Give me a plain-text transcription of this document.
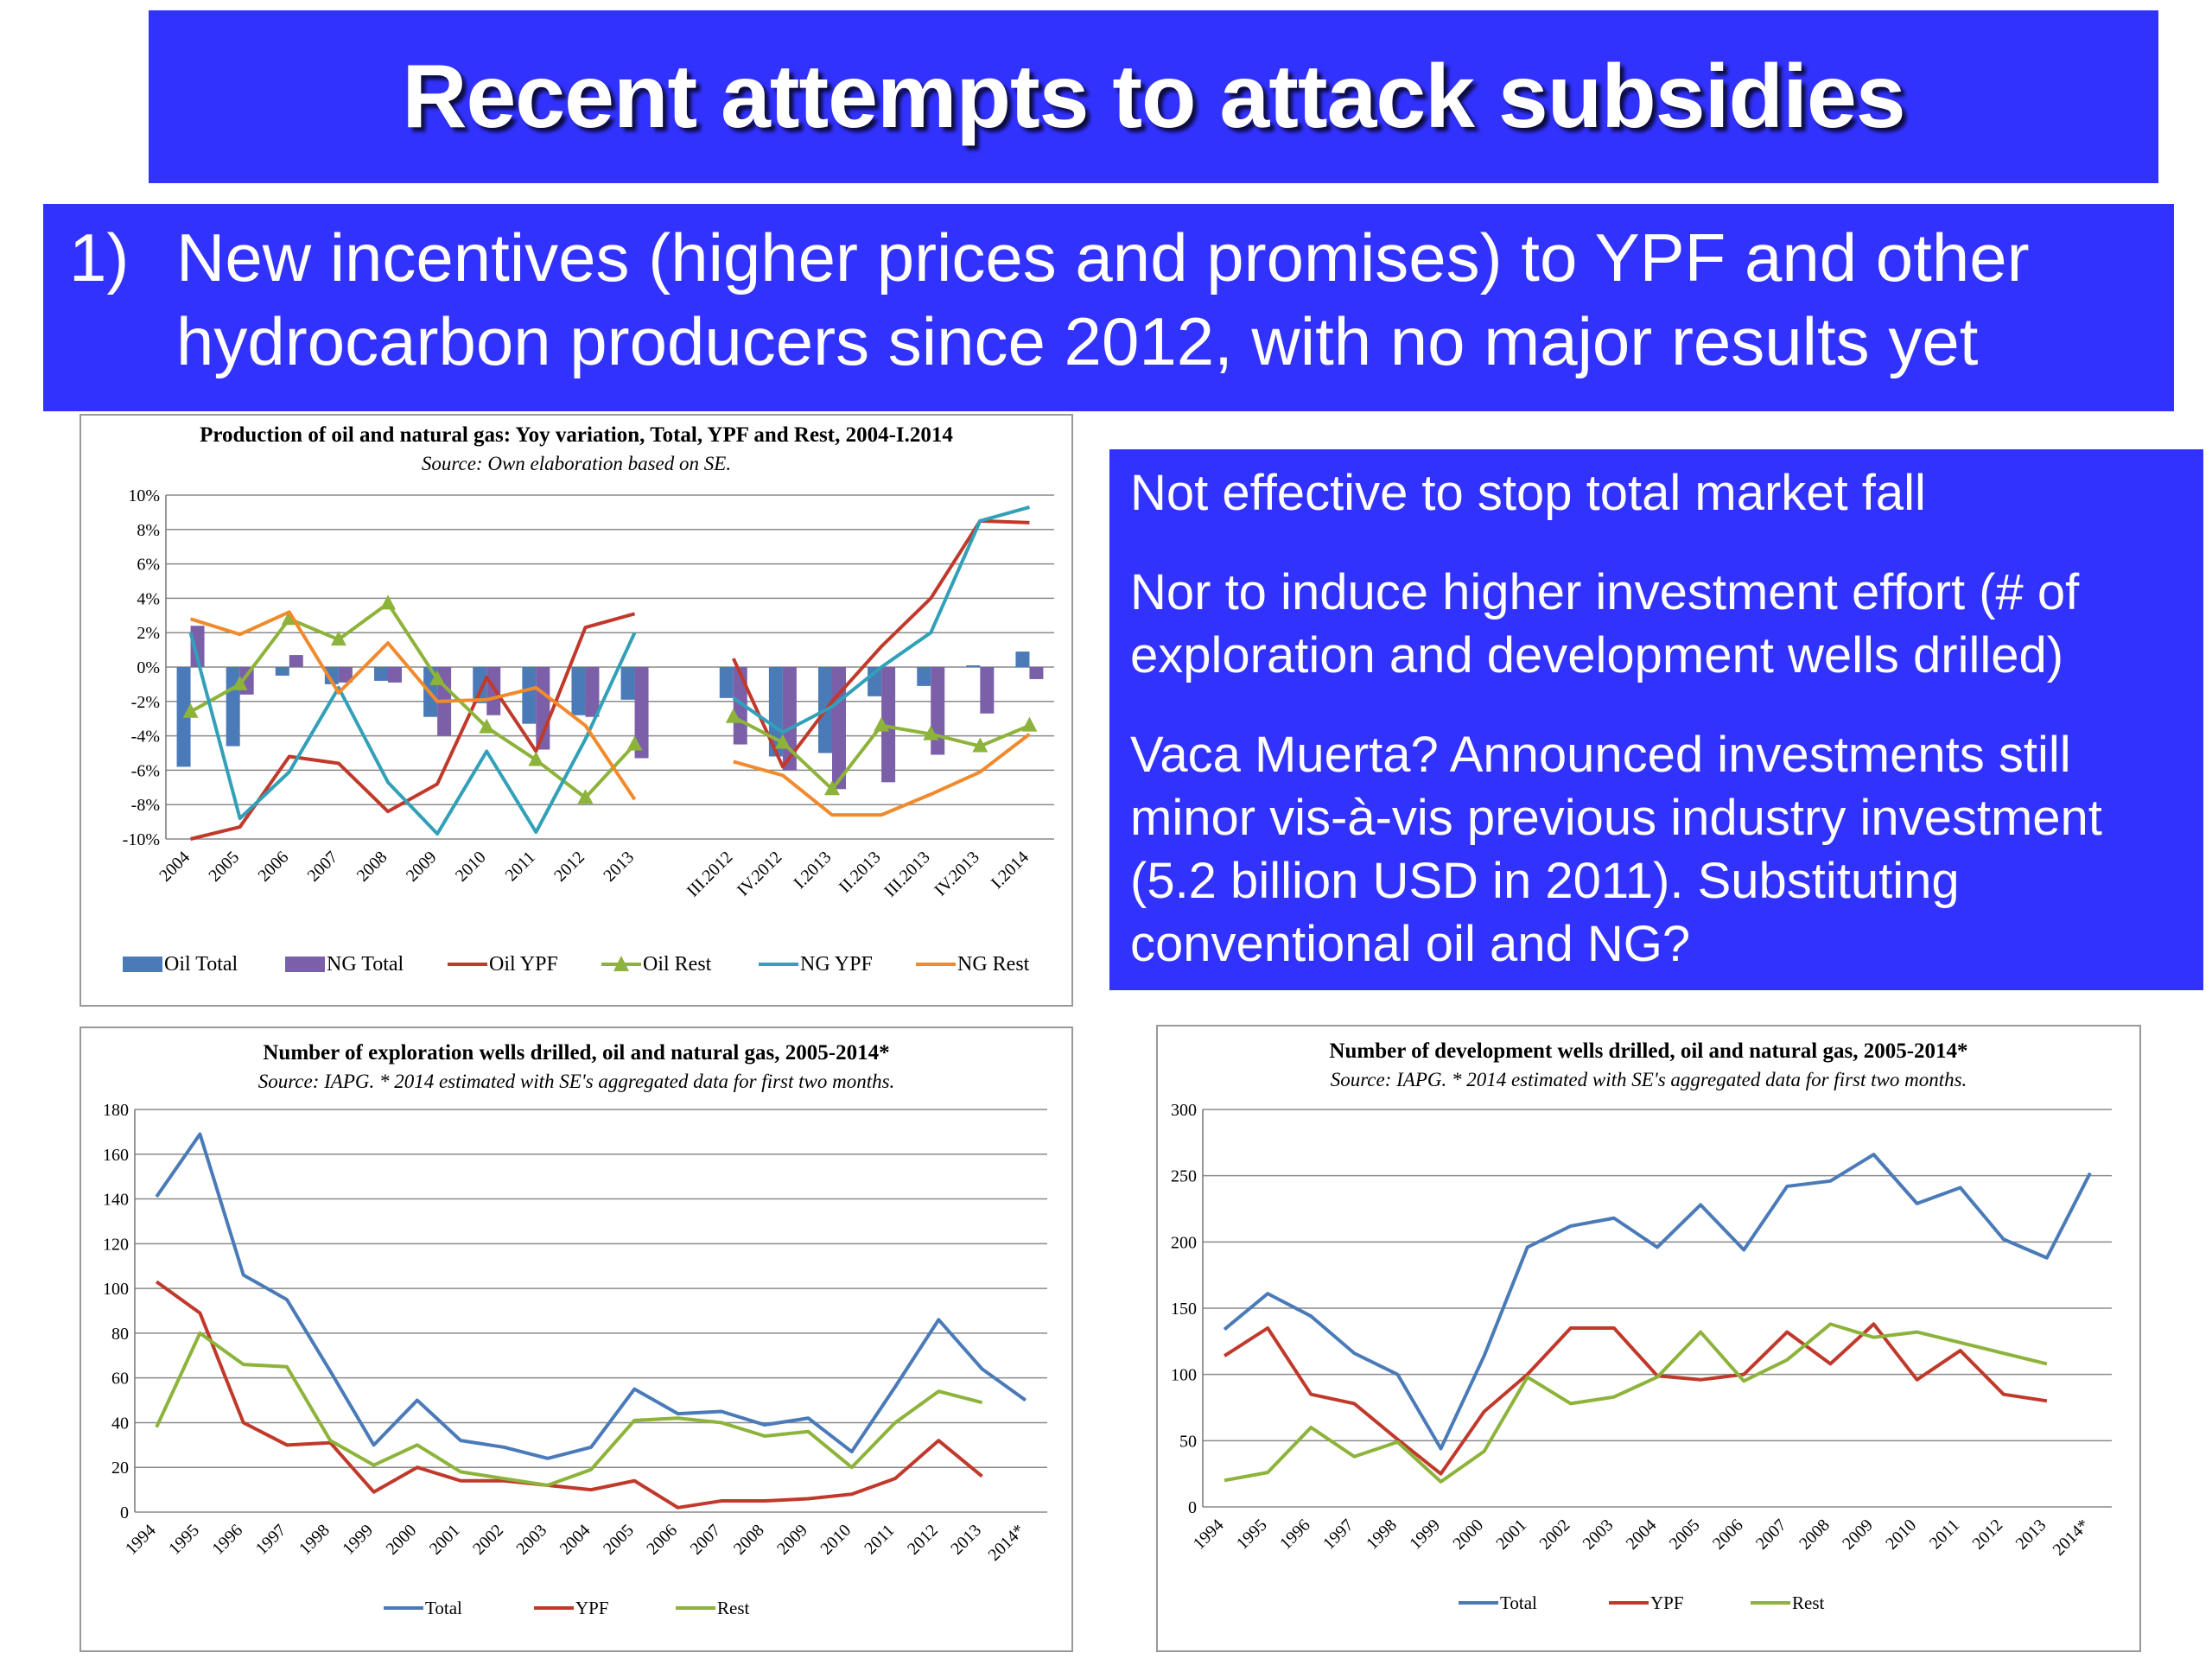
Recent attempts to attack subsidies
1) New incentives (higher prices and promises) to YPF and other hydrocarbon producers since 2012, with no major results yet

Not effective to stop total market fall

Nor to induce higher investment effort (# of exploration and development wells drilled)

Vaca Muerta? Announced investments still minor vis-à-vis previous industry investment (5.2 billion USD in 2011). Substituting conventional oil and NG?

Production of oil and natural gas: Yoy variation, Total, YPF and Rest, 2004-I.2014
Source: Own elaboration based on SE.
10%
8%
6%
4%
2%
0%
-2%
-4%
-6%
-8%
-10%
2004 2005 2006 2007 2008 2009 2010 2011 2012 2013	III.2012
IV.2012 I.2013 II.2013
III.2013
IV.2013 I.2014
Oil Total	NG Total	Oil YPF	Oil Rest	NG YPF	NG Rest
Number of exploration wells drilled, oil and natural gas, 2005-2014*
Source: IAPG. * 2014 estimated with SE's aggregated data for first two months.
0
20
40
60
80
100
120
140
160
180
1994 1995 1996 1997 1998 1999 2000 2001 2002 2003 2004 2005 2006 2007 2008 2009 2010 2011 2012 2013 2014*
Total	YPF	Rest
Number of development wells drilled, oil and natural gas, 2005-2014*
Source: IAPG. * 2014 estimated with SE's aggregated data for first two months.
0
50
100
150
200
250
300
1994 1995 1996 1997 1998 1999 2000 2001 2002 2003 2004 2005 2006 2007 2008 2009 2010 2011 2012 2013 2014*
Total	YPF	Rest
